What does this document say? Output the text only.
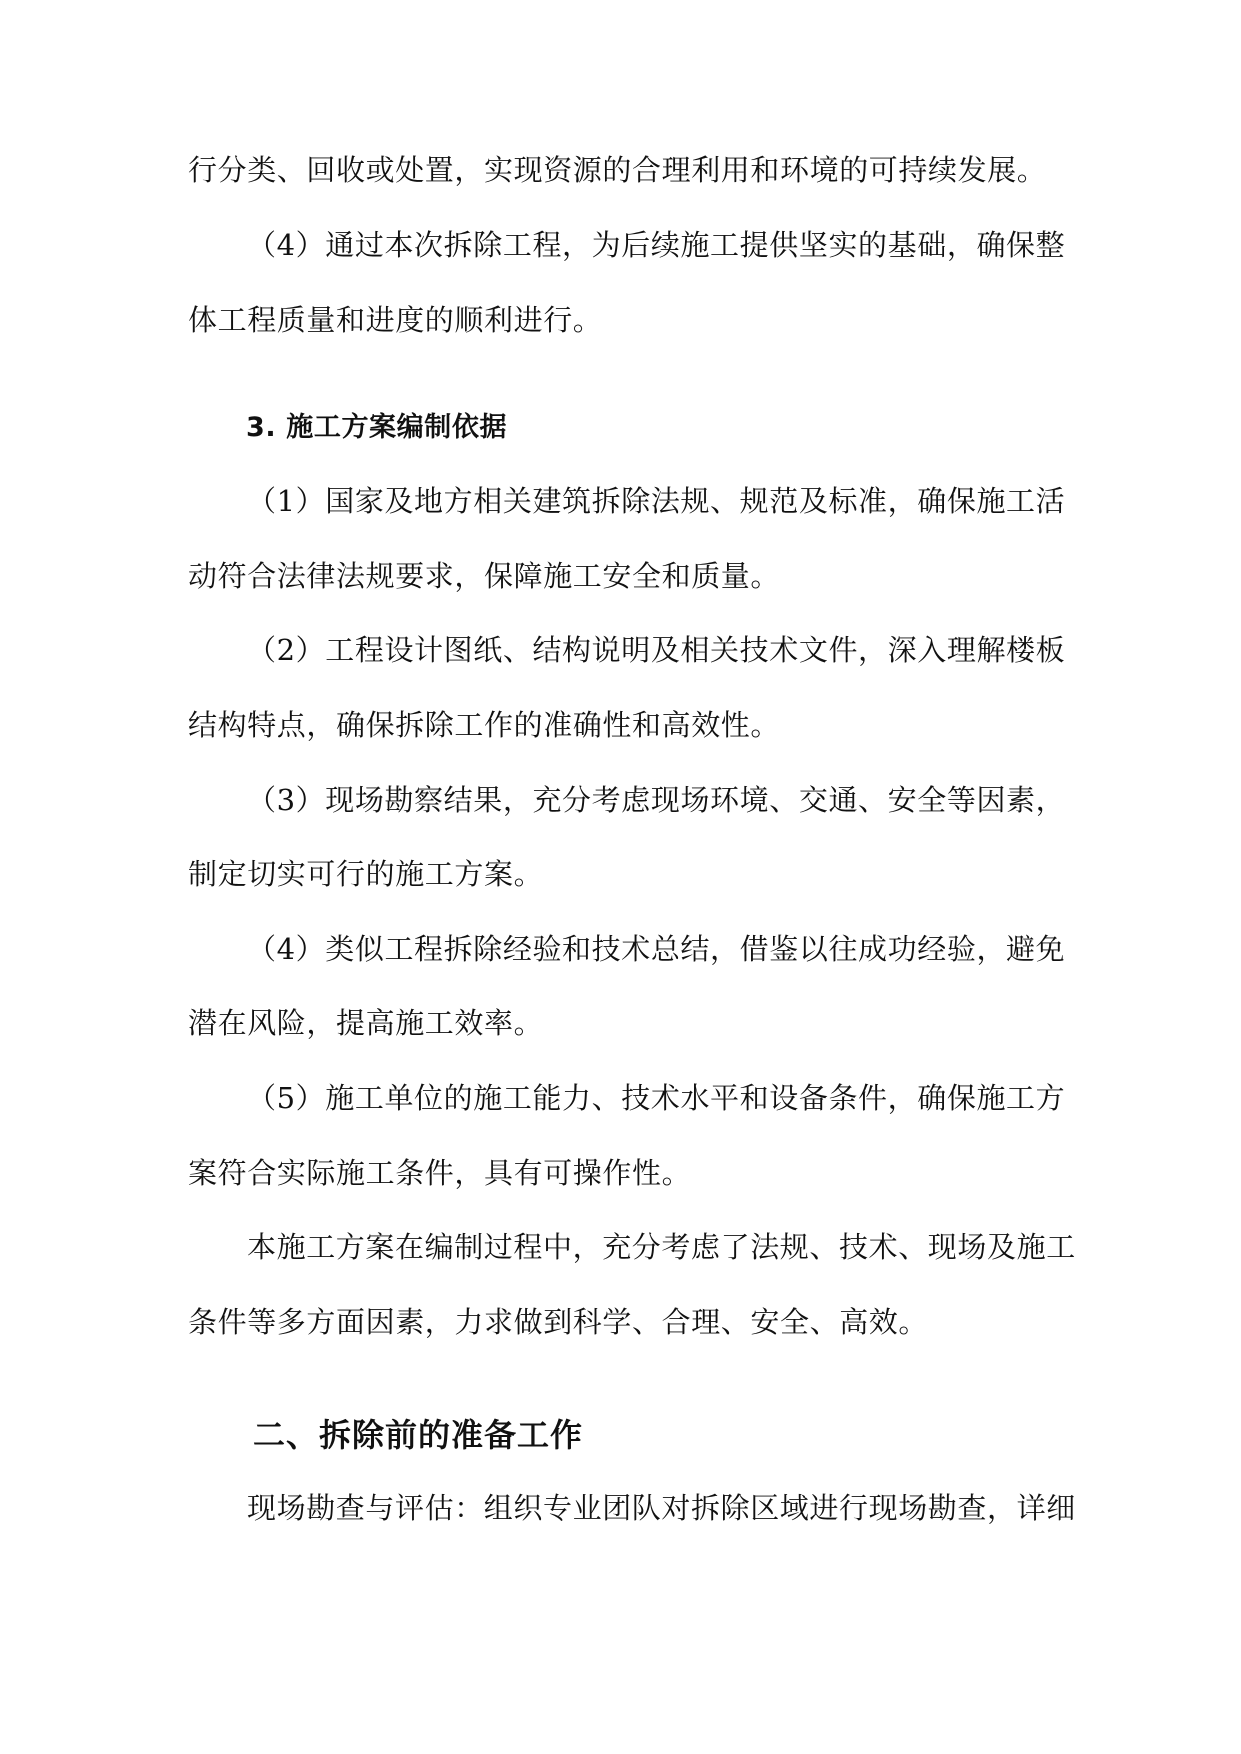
行分类、回收或处置，实现资源的合理利用和环境的可持续发展。
（4）通过本次拆除工程，为后续施工提供坚实的基础，确保整
体工程质量和进度的顺利进行。
3. 施工方案编制依据
（1）国家及地方相关建筑拆除法规、规范及标准，确保施工活
动符合法律法规要求，保障施工安全和质量。
（2）工程设计图纸、结构说明及相关技术文件，深入理解楼板
结构特点，确保拆除工作的准确性和高效性。
（3）现场勘察结果，充分考虑现场环境、交通、安全等因素，
制定切实可行的施工方案。
（4）类似工程拆除经验和技术总结，借鉴以往成功经验，避免
潜在风险，提高施工效率。
（5）施工单位的施工能力、技术水平和设备条件，确保施工方
案符合实际施工条件，具有可操作性。
本施工方案在编制过程中，充分考虑了法规、技术、现场及施工
条件等多方面因素，力求做到科学、合理、安全、高效。
二、拆除前的准备工作
现场勘查与评估：组织专业团队对拆除区域进行现场勘查，详细
